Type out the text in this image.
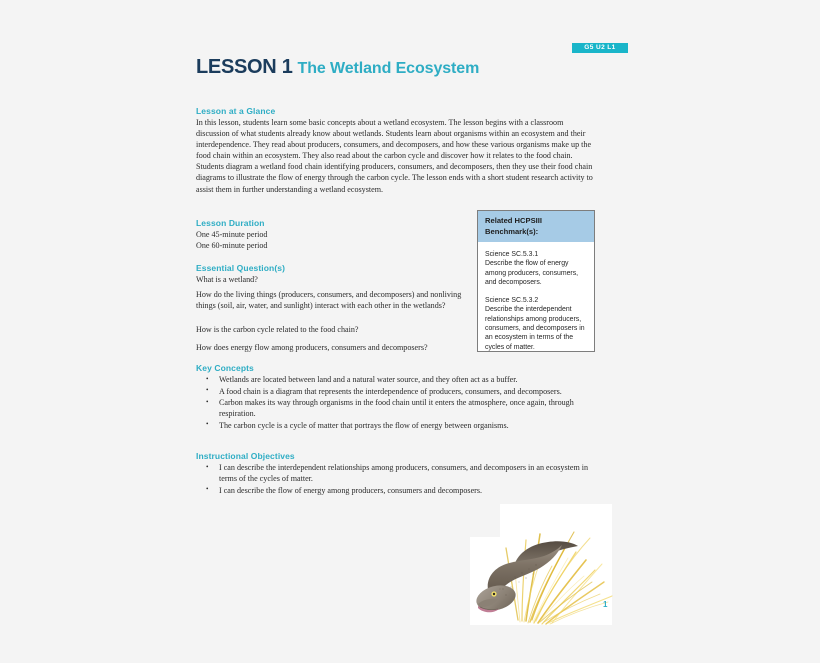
G5 U2 L1
LESSON 1 The Wetland Ecosystem
Lesson at a Glance
In this lesson, students learn some basic concepts about a wetland ecosystem. The lesson begins with a classroom discussion of what students already know about wetlands. Students learn about organisms within an ecosystem and their interdependence. They read about producers, consumers, and decomposers, and how these various organisms make up the food chain within an ecosystem. They also read about the carbon cycle and discover how it relates to the food chain. Students diagram a wetland food chain identifying producers, consumers, and decomposers, then they use their food chain diagrams to illustrate the flow of energy through the carbon cycle. The lesson ends with a short student research activity to assist them in further understanding a wetland ecosystem.
Lesson Duration
One 45-minute period
One 60-minute period
Essential Question(s)
What is a wetland?
How do the living things (producers, consumers, and decomposers) and nonliving things (soil, air, water, and sunlight) interact with each other in the wetlands?
How is the carbon cycle related to the food chain?
How does energy flow among producers, consumers and decomposers?
Related HCPSIII Benchmark(s):
Science SC.5.3.1
Describe the flow of energy among producers, consumers, and decomposers.
Science SC.5.3.2
Describe the interdependent relationships among producers, consumers, and decomposers in an ecosystem in terms of the cycles of matter.
Key Concepts
• Wetlands are located between land and a natural water source, and they often act as a buffer.
• A food chain is a diagram that represents the interdependence of producers, consumers, and decomposers.
• Carbon makes its way through organisms in the food chain until it enters the atmosphere, once again, through respiration.
• The carbon cycle is a cycle of matter that portrays the flow of energy between organisms.
Instructional Objectives
• I can describe the interdependent relationships among producers, consumers, and decomposers in an ecosystem in terms of the cycles of matter.
• I can describe the flow of energy among producers, consumers and decomposers.
1
